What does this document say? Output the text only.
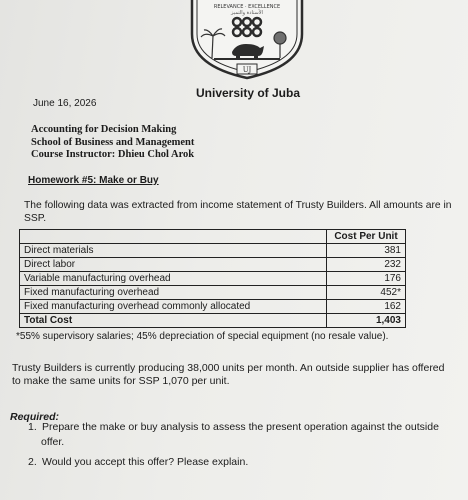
RELEVANCE · EXCELLENCE
الأستاذة والتميز
UJ
University of Juba
June 16, 2026
Accounting for Decision Making
School of Business and Management
Course Instructor: Dhieu Chol Arok
Homework #5: Make or Buy
The following data was extracted from income statement of Trusty Builders. All amounts are in SSP.
	Cost Per Unit
Direct materials	381
Direct labor	232
Variable manufacturing overhead	176
Fixed manufacturing overhead	452*
Fixed manufacturing overhead commonly allocated	162
Total Cost	1,403
*55% supervisory salaries; 45% depreciation of special equipment (no resale value).
Trusty Builders is currently producing 38,000 units per month. An outside supplier has offered
to make the same units for SSP 1,070 per unit.
Required:
1. Prepare the make or buy analysis to assess the present operation against the outside
offer.
2. Would you accept this offer? Please explain.
